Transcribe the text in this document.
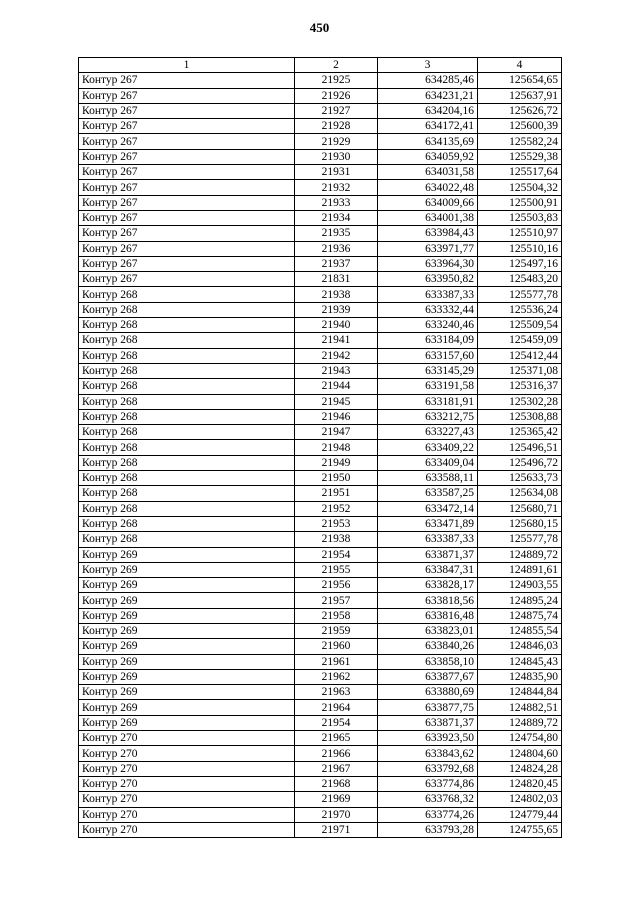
450
1	2	3	4
Контур 267	21925	634285,46	125654,65
Контур 267	21926	634231,21	125637,91
Контур 267	21927	634204,16	125626,72
Контур 267	21928	634172,41	125600,39
Контур 267	21929	634135,69	125582,24
Контур 267	21930	634059,92	125529,38
Контур 267	21931	634031,58	125517,64
Контур 267	21932	634022,48	125504,32
Контур 267	21933	634009,66	125500,91
Контур 267	21934	634001,38	125503,83
Контур 267	21935	633984,43	125510,97
Контур 267	21936	633971,77	125510,16
Контур 267	21937	633964,30	125497,16
Контур 267	21831	633950,82	125483,20
Контур 268	21938	633387,33	125577,78
Контур 268	21939	633332,44	125536,24
Контур 268	21940	633240,46	125509,54
Контур 268	21941	633184,09	125459,09
Контур 268	21942	633157,60	125412,44
Контур 268	21943	633145,29	125371,08
Контур 268	21944	633191,58	125316,37
Контур 268	21945	633181,91	125302,28
Контур 268	21946	633212,75	125308,88
Контур 268	21947	633227,43	125365,42
Контур 268	21948	633409,22	125496,51
Контур 268	21949	633409,04	125496,72
Контур 268	21950	633588,11	125633,73
Контур 268	21951	633587,25	125634,08
Контур 268	21952	633472,14	125680,71
Контур 268	21953	633471,89	125680,15
Контур 268	21938	633387,33	125577,78
Контур 269	21954	633871,37	124889,72
Контур 269	21955	633847,31	124891,61
Контур 269	21956	633828,17	124903,55
Контур 269	21957	633818,56	124895,24
Контур 269	21958	633816,48	124875,74
Контур 269	21959	633823,01	124855,54
Контур 269	21960	633840,26	124846,03
Контур 269	21961	633858,10	124845,43
Контур 269	21962	633877,67	124835,90
Контур 269	21963	633880,69	124844,84
Контур 269	21964	633877,75	124882,51
Контур 269	21954	633871,37	124889,72
Контур 270	21965	633923,50	124754,80
Контур 270	21966	633843,62	124804,60
Контур 270	21967	633792,68	124824,28
Контур 270	21968	633774,86	124820,45
Контур 270	21969	633768,32	124802,03
Контур 270	21970	633774,26	124779,44
Контур 270	21971	633793,28	124755,65
